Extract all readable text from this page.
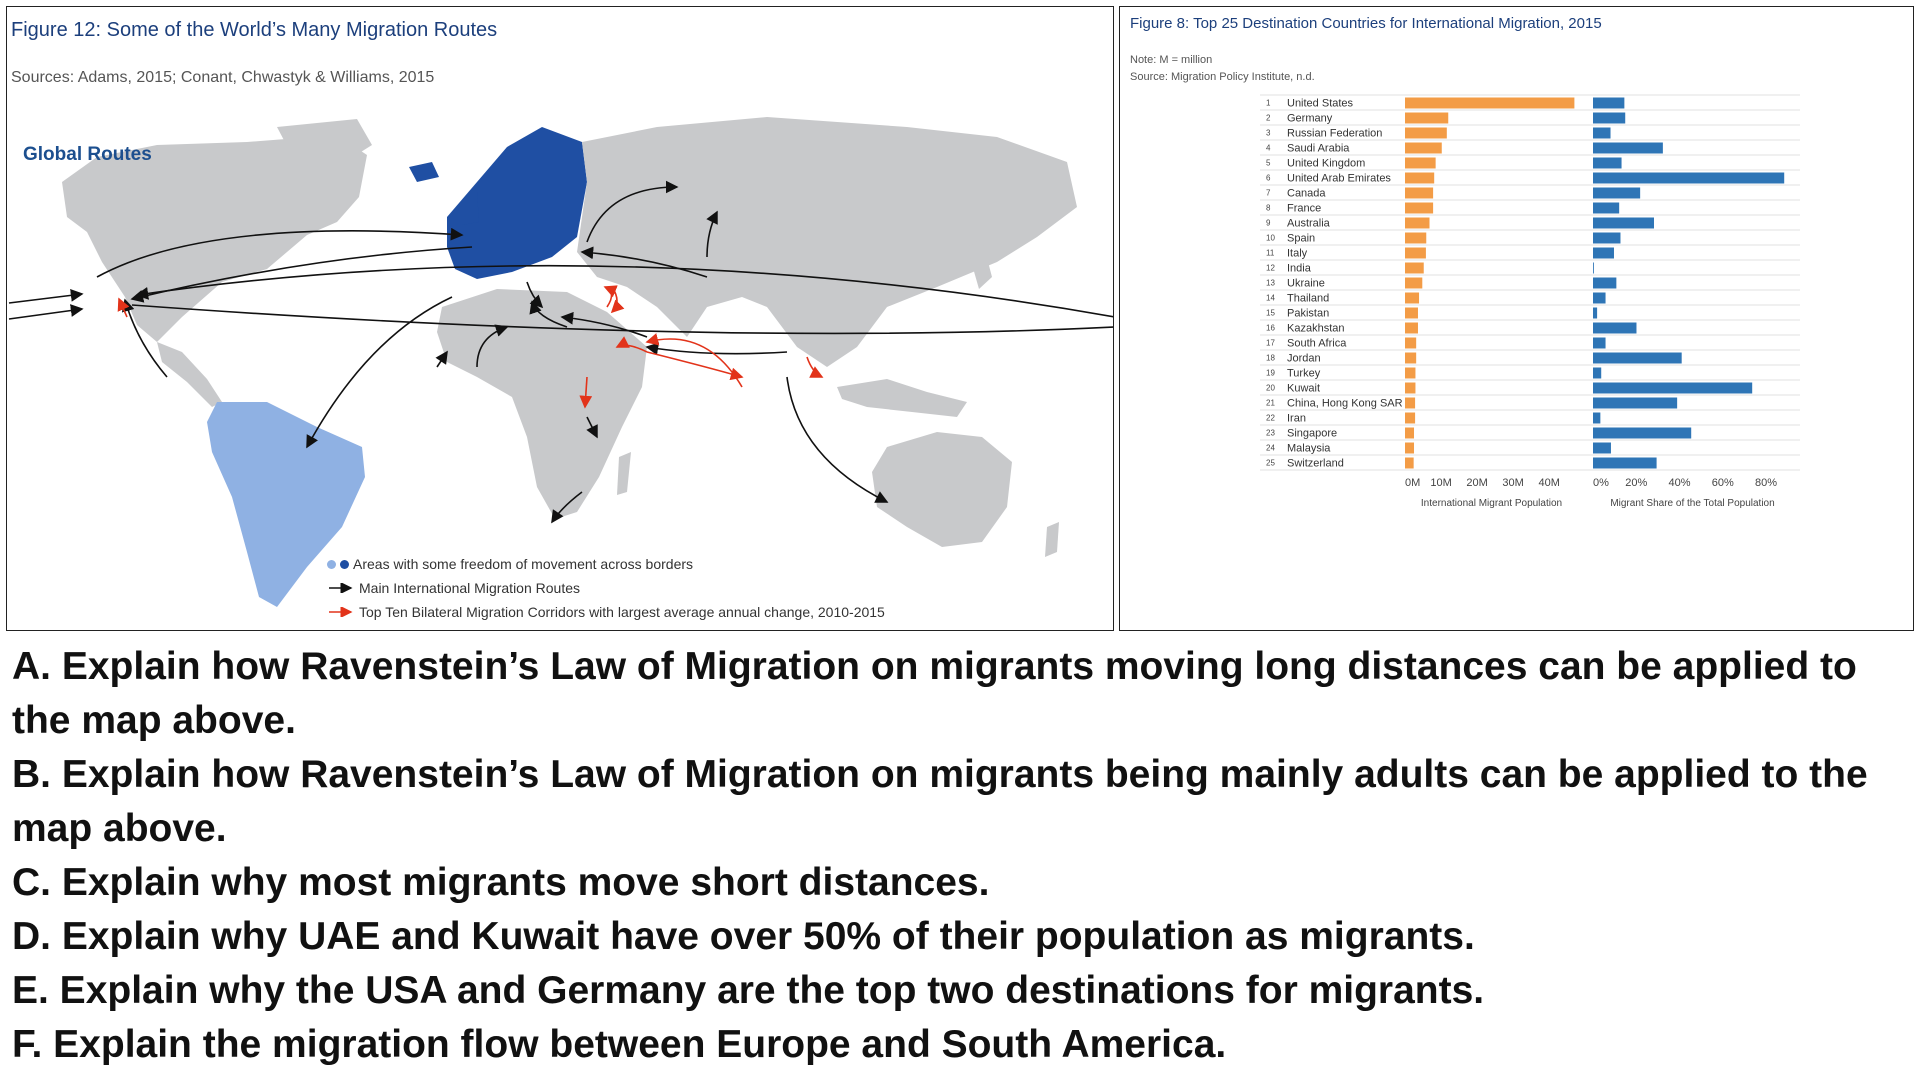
Figure 12: Some of the World’s Many Migration Routes
Sources: Adams, 2015; Conant, Chwastyk & Williams, 2015
Global Routes
Areas with some freedom of movement across borders
Main International Migration Routes
Top Ten Bilateral Migration Corridors with largest average annual change, 2010-2015
Figure 8: Top 25 Destination Countries for International Migration, 2015
Note: M = million
Source: Migration Policy Institute, n.d.
1 United States
2 Germany
3 Russian Federation
4 Saudi Arabia
5 United Kingdom
6 United Arab Emirates
7 Canada
8 France
9 Australia
10 Spain
11 Italy
12 India
13 Ukraine
14 Thailand
15 Pakistan
16 Kazakhstan
17 South Africa
18 Jordan
19 Turkey
20 Kuwait
21 China, Hong Kong SAR
22 Iran
23 Singapore
24 Malaysia
25 Switzerland
0M 10M 20M 30M 40M
International Migrant Population
0% 20% 40% 60% 80%
Migrant Share of the Total Population
A. Explain how Ravenstein’s Law of Migration on migrants moving long distances can be applied to the map above.
B. Explain how Ravenstein’s Law of Migration on migrants being mainly adults can be applied to the map above.
C. Explain why most migrants move short distances.
D. Explain why UAE and Kuwait have over 50% of their population as migrants.
E. Explain why the USA and Germany are the top two destinations for migrants.
F. Explain the migration flow between Europe and South America.
